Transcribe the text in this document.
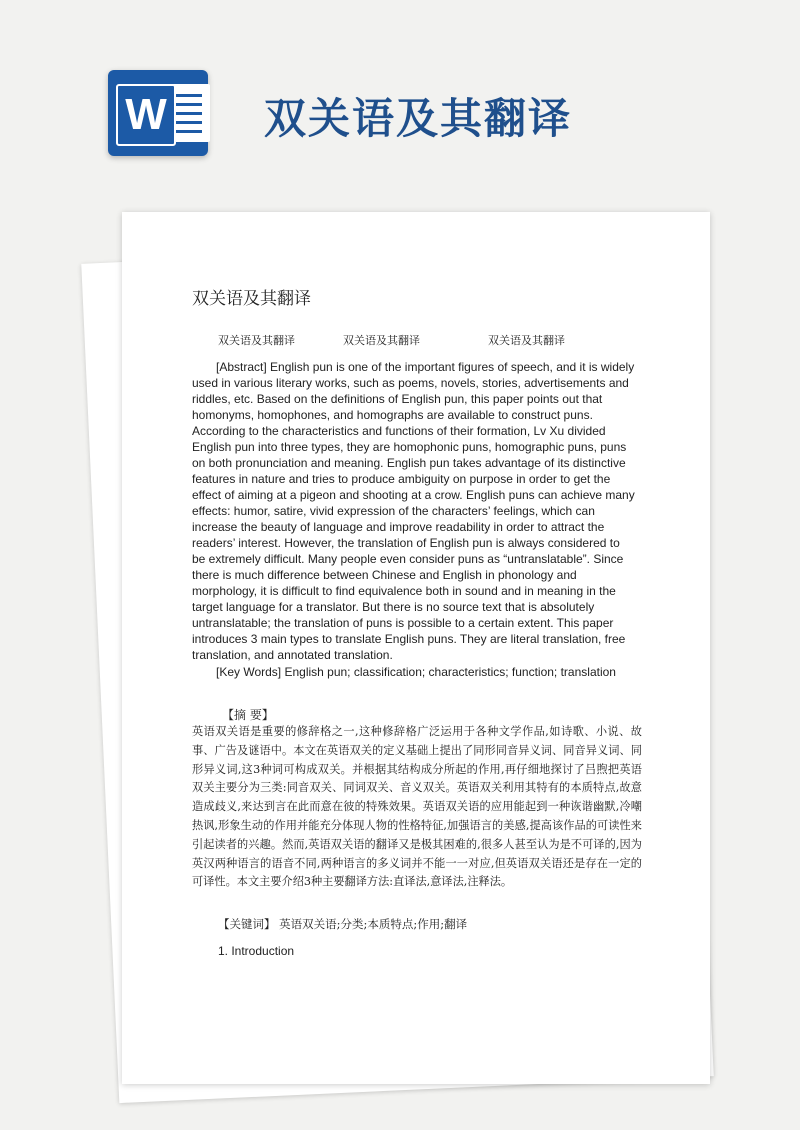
W 双关语及其翻译
双关语及其翻译
双关语及其翻译	双关语及其翻译	双关语及其翻译

[Abstract] English pun is one of the important figures of speech, and it is widely used in various literary works, such as poems, novels, stories, advertisements and riddles, etc. Based on the definitions of English pun, this paper points out that homonyms, homophones, and homographs are available to construct puns. According to the characteristics and functions of their formation, Lv Xu divided English pun into three types, they are homophonic puns, homographic puns, puns on both pronunciation and meaning. English pun takes advantage of its distinctive features in nature and tries to produce ambiguity on purpose in order to get the effect of aiming at a pigeon and shooting at a crow. English puns can achieve many effects: humor, satire, vivid expression of the characters’ feelings, which can increase the beauty of language and improve readability in order to attract the readers’ interest. However, the translation of English pun is always considered to be extremely difficult. Many people even consider puns as “untranslatable”. Since there is much difference between Chinese and English in phonology and morphology, it is difficult to find equivalence both in sound and in meaning in the target language for a translator. But there is no source text that is absolutely untranslatable; the translation of puns is possible to a certain extent. This paper introduces 3 main types to translate English puns. They are literal translation, free translation, and annotated translation.

[Key Words] English pun; classification; characteristics; function; translation

【摘 要】

英语双关语是重要的修辞格之一,这种修辞格广泛运用于各种文学作品,如诗歌、小说、故事、广告及谜语中。本文在英语双关的定义基础上提出了同形同音异义词、同音异义词、同形异义词,这3种词可构成双关。并根据其结构成分所起的作用,再仔细地探讨了吕煦把英语双关主要分为三类:同音双关、同词双关、音义双关。英语双关利用其特有的本质特点,故意造成歧义,来达到言在此而意在彼的特殊效果。英语双关语的应用能起到一种诙谐幽默,冷嘲热讽,形象生动的作用并能充分体现人物的性格特征,加强语言的美感,提高该作品的可读性来引起读者的兴趣。然而,英语双关语的翻译又是极其困难的,很多人甚至认为是不可译的,因为英汉两种语言的语音不同,两种语言的多义词并不能一一对应,但英语双关语还是存在一定的可译性。本文主要介绍3种主要翻译方法:直译法,意译法,注释法。

【关键词】 英语双关语;分类;本质特点;作用;翻译
1. Introduction
